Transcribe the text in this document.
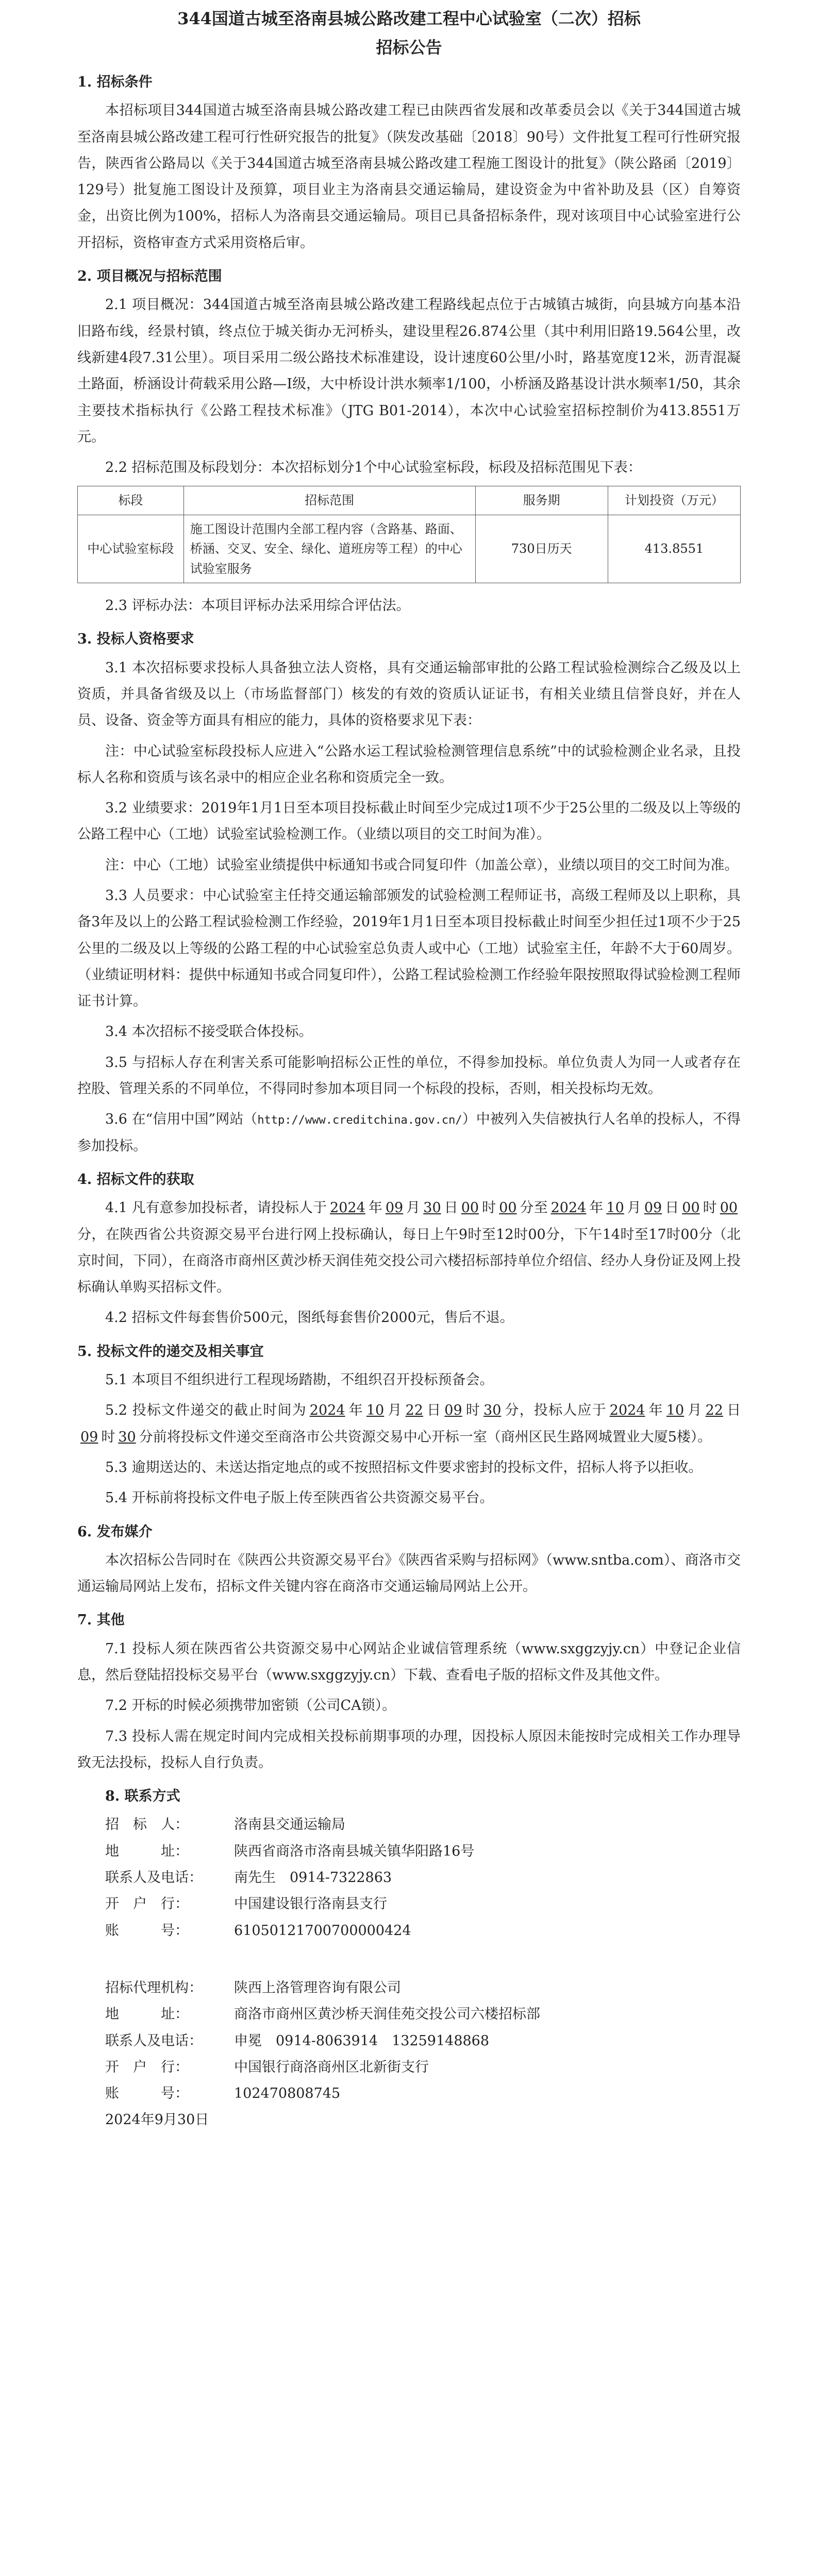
344国道古城至洛南县城公路改建工程中心试验室（二次）招标
招标公告
1. 招标条件

本招标项目344国道古城至洛南县城公路改建工程已由陕西省发展和改革委员会以《关于344国道古城至洛南县城公路改建工程可行性研究报告的批复》（陕发改基础〔2018〕90号）文件批复工程可行性研究报告，陕西省公路局以《关于344国道古城至洛南县城公路改建工程施工图设计的批复》（陕公路函〔2019〕129号）批复施工图设计及预算，项目业主为洛南县交通运输局，建设资金为中省补助及县（区）自筹资金，出资比例为100%，招标人为洛南县交通运输局。项目已具备招标条件，现对该项目中心试验室进行公开招标，资格审查方式采用资格后审。

2. 项目概况与招标范围

2.1 项目概况：344国道古城至洛南县城公路改建工程路线起点位于古城镇古城街，向县城方向基本沿旧路布线，经景村镇，终点位于城关街办无河桥头，建设里程26.874公里（其中利用旧路19.564公里，改线新建4段7.31公里）。项目采用二级公路技术标准建设，设计速度60公里/小时，路基宽度12米，沥青混凝土路面，桥涵设计荷载采用公路—Ⅰ级，大中桥设计洪水频率1/100，小桥涵及路基设计洪水频率1/50，其余主要技术指标执行《公路工程技术标准》（JTG B01-2014），本次中心试验室招标控制价为413.8551万元。

2.2 招标范围及标段划分：本次招标划分1个中心试验室标段，标段及招标范围见下表：

标段	招标范围	服务期	计划投资（万元）
中心试验室标段	施工图设计范围内全部工程内容（含路基、路面、桥涵、交叉、安全、绿化、道班房等工程）的中心试验室服务	730日历天	413.8551

2.3 评标办法：本项目评标办法采用综合评估法。

3. 投标人资格要求

3.1 本次招标要求投标人具备独立法人资格，具有交通运输部审批的公路工程试验检测综合乙级及以上资质，并具备省级及以上（市场监督部门）核发的有效的资质认证证书，有相关业绩且信誉良好，并在人员、设备、资金等方面具有相应的能力，具体的资格要求见下表：

注：中心试验室标段投标人应进入“公路水运工程试验检测管理信息系统”中的试验检测企业名录，且投标人名称和资质与该名录中的相应企业名称和资质完全一致。

3.2 业绩要求：2019年1月1日至本项目投标截止时间至少完成过1项不少于25公里的二级及以上等级的公路工程中心（工地）试验室试验检测工作。（业绩以项目的交工时间为准）。

注：中心（工地）试验室业绩提供中标通知书或合同复印件（加盖公章），业绩以项目的交工时间为准。

3.3 人员要求：中心试验室主任持交通运输部颁发的试验检测工程师证书，高级工程师及以上职称，具备3年及以上的公路工程试验检测工作经验，2019年1月1日至本项目投标截止时间至少担任过1项不少于25公里的二级及以上等级的公路工程的中心试验室总负责人或中心（工地）试验室主任，年龄不大于60周岁。（业绩证明材料：提供中标通知书或合同复印件），公路工程试验检测工作经验年限按照取得试验检测工程师证书计算。

3.4 本次招标不接受联合体投标。

3.5 与招标人存在利害关系可能影响招标公正性的单位，不得参加投标。单位负责人为同一人或者存在控股、管理关系的不同单位，不得同时参加本项目同一个标段的投标，否则，相关投标均无效。

3.6 在“信用中国”网站（http://www.creditchina.gov.cn/）中被列入失信被执行人名单的投标人，不得参加投标。

4. 招标文件的获取

4.1 凡有意参加投标者，请投标人于 2024 年 09 月 30 日 00 时 00 分至 2024 年 10 月 09 日 00 时 00分，在陕西省公共资源交易平台进行网上投标确认，每日上午9时至12时00分，下午14时至17时00分（北京时间，下同），在商洛市商州区黄沙桥天润佳苑交投公司六楼招标部持单位介绍信、经办人身份证及网上投标确认单购买招标文件。

4.2 招标文件每套售价500元，图纸每套售价2000元，售后不退。

5. 投标文件的递交及相关事宜

5.1 本项目不组织进行工程现场踏勘，不组织召开投标预备会。

5.2 投标文件递交的截止时间为 2024 年 10 月 22 日 09 时 30 分，投标人应于 2024 年 10 月 22 日09 时 30 分前将投标文件递交至商洛市公共资源交易中心开标一室（商州区民生路网城置业大厦5楼）。

5.3 逾期送达的、未送达指定地点的或不按照招标文件要求密封的投标文件，招标人将予以拒收。

5.4 开标前将投标文件电子版上传至陕西省公共资源交易平台。

6. 发布媒介

本次招标公告同时在《陕西公共资源交易平台》《陕西省采购与招标网》（www.sntba.com）、商洛市交通运输局网站上发布，招标文件关键内容在商洛市交通运输局网站上公开。

7. 其他

7.1 投标人须在陕西省公共资源交易中心网站企业诚信管理系统（www.sxggzyjy.cn）中登记企业信息，然后登陆招投标交易平台（www.sxggzyjy.cn）下载、查看电子版的招标文件及其他文件。

7.2 开标的时候必须携带加密锁（公司CA锁）。

7.3 投标人需在规定时间内完成相关投标前期事项的办理，因投标人原因未能按时完成相关工作办理导致无法投标，投标人自行负责。

8. 联系方式
招　标　人：	洛南县交通运输局
地　　　址：	陕西省商洛市洛南县城关镇华阳路16号
联系人及电话：	南先生　0914-7322863
开　户　行：	中国建设银行洛南县支行
账　　　号：	61050121700700000424
招标代理机构：	陕西上洛管理咨询有限公司
地　　　址：	商洛市商州区黄沙桥天润佳苑交投公司六楼招标部
联系人及电话：	申冕　0914-8063914　13259148868
开　户　行：	中国银行商洛商州区北新街支行
账　　　号：	102470808745
2024年9月30日
